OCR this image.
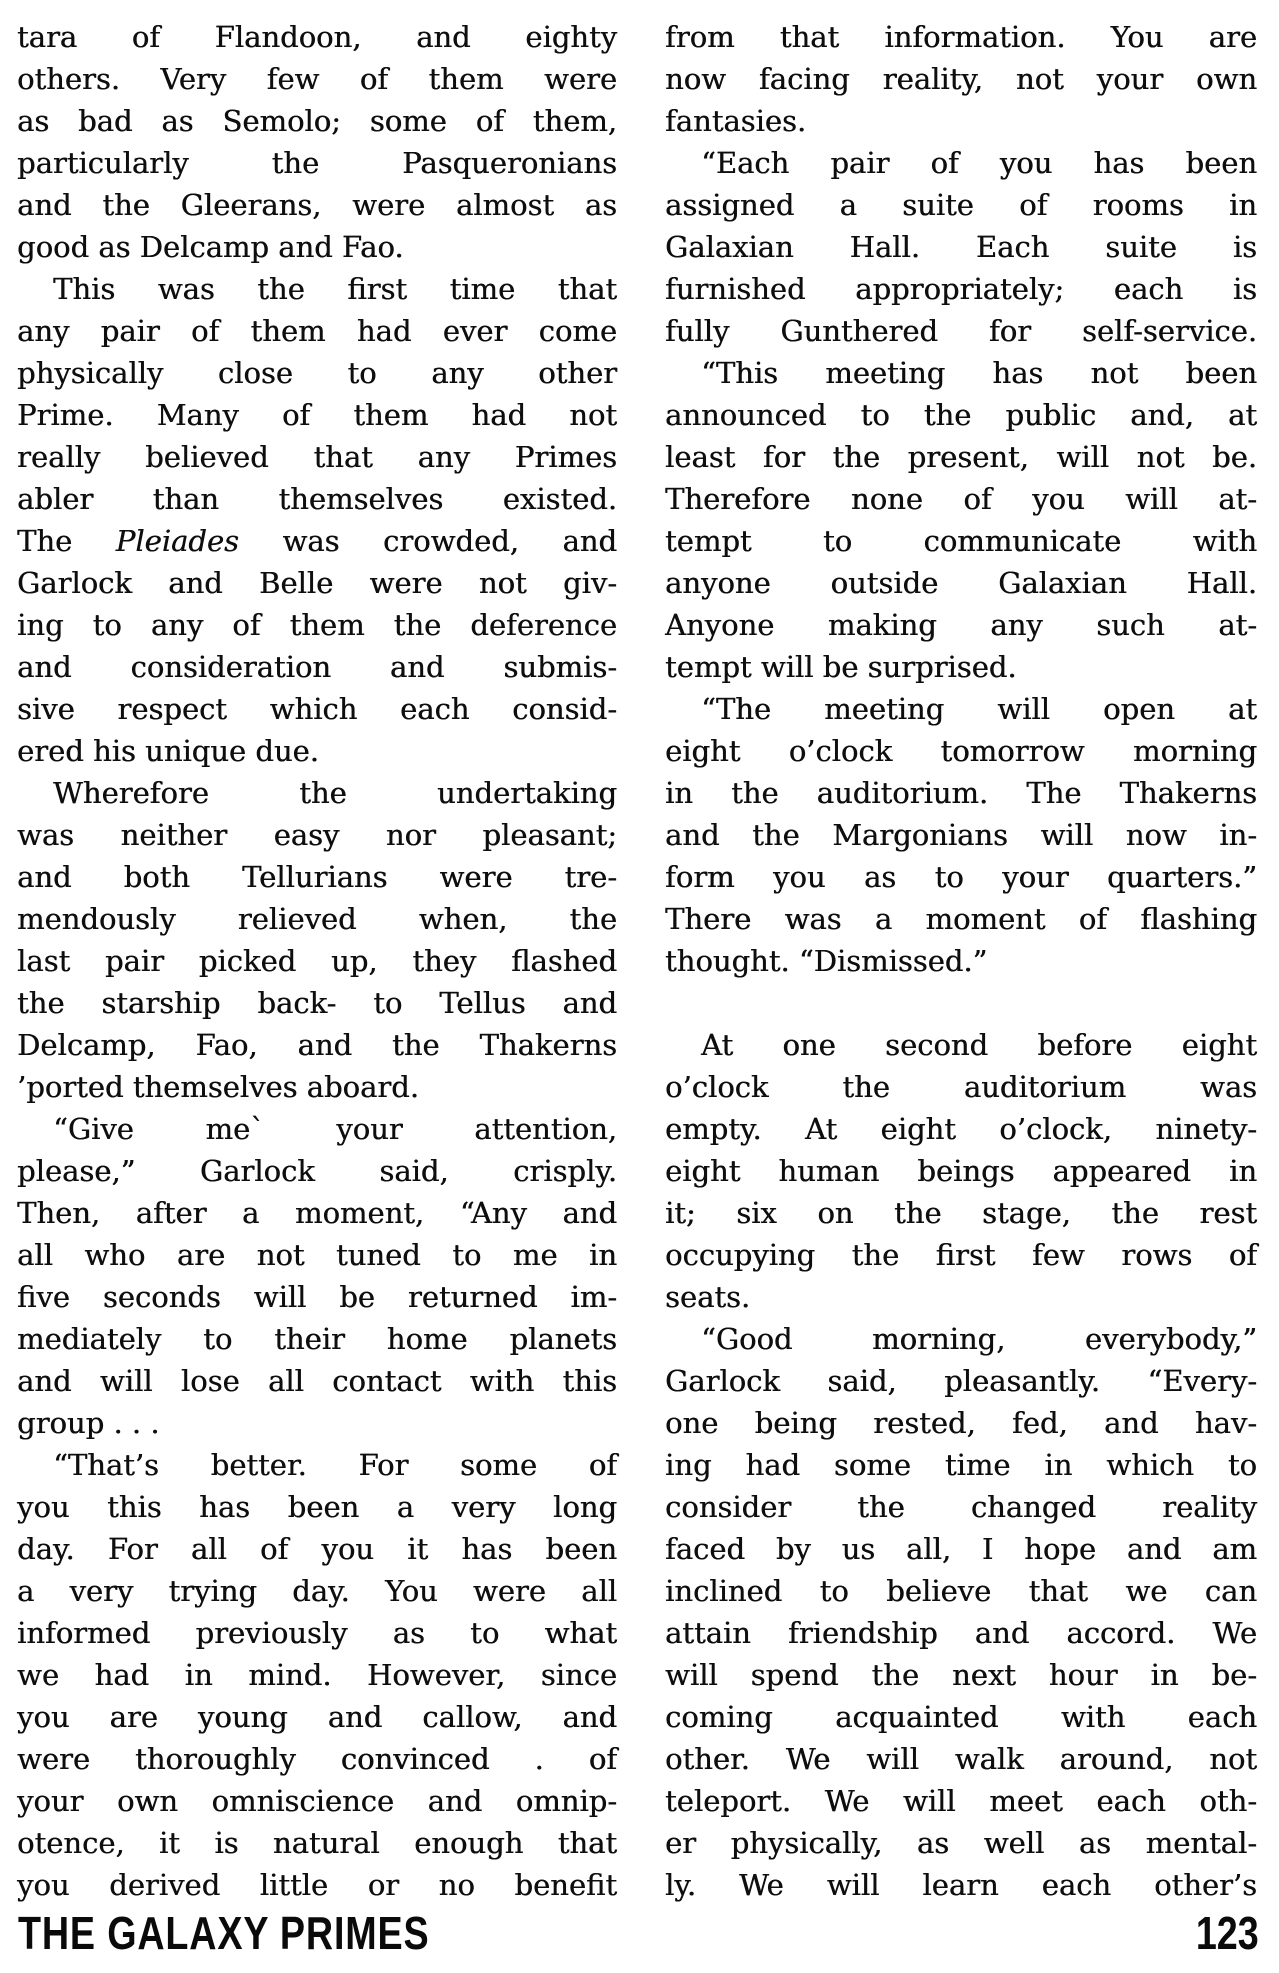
tara of Flandoon, and eighty
others. Very few of them were
as bad as Semolo; some of them,
particularly the Pasqueronians
and the Gleerans, were almost as
good as Delcamp and Fao.
This was the first time that
any pair of them had ever come
physically close to any other
Prime. Many of them had not
really believed that any Primes
abler than themselves existed.
The Pleiades was crowded, and
Garlock and Belle were not giv-
ing to any of them the deference
and consideration and submis-
sive respect which each consid-
ered his unique due.
Wherefore the undertaking
was neither easy nor pleasant;
and both Tellurians were tre-
mendously relieved when, the
last pair picked up, they flashed
the starship back- to Tellus and
Delcamp, Fao, and the Thakerns
’ported themselves aboard.
“Give me` your attention,
please,” Garlock said, crisply.
Then, after a moment, “Any and
all who are not tuned to me in
five seconds will be returned im-
mediately to their home planets
and will lose all contact with this
group . . .
“That’s better. For some of
you this has been a very long
day. For all of you it has been
a very trying day. You were all
informed previously as to what
we had in mind. However, since
you are young and callow, and
were thoroughly convinced . of
your own omniscience and omnip-
otence, it is natural enough that
you derived little or no benefit
from that information. You are
now facing reality, not your own
fantasies.
“Each pair of you has been
assigned a suite of rooms in
Galaxian Hall. Each suite is
furnished appropriately; each is
fully Gunthered for self-service.
“This meeting has not been
announced to the public and, at
least for the present, will not be.
Therefore none of you will at-
tempt to communicate with
anyone outside Galaxian Hall.
Anyone making any such at-
tempt will be surprised.
“The meeting will open at
eight o’clock tomorrow morning
in the auditorium. The Thakerns
and the Margonians will now in-
form you as to your quarters.”
There was a moment of flashing
thought. “Dismissed.”
At one second before eight
o’clock the auditorium was
empty. At eight o’clock, ninety-
eight human beings appeared in
it; six on the stage, the rest
occupying the first few rows of
seats.
“Good morning, everybody,”
Garlock said, pleasantly. “Every-
one being rested, fed, and hav-
ing had some time in which to
consider the changed reality
faced by us all, I hope and am
inclined to believe that we can
attain friendship and accord. We
will spend the next hour in be-
coming acquainted with each
other. We will walk around, not
teleport. We will meet each oth-
er physically, as well as mental-
ly. We will learn each other’s
THE GALAXY PRIMES	123
